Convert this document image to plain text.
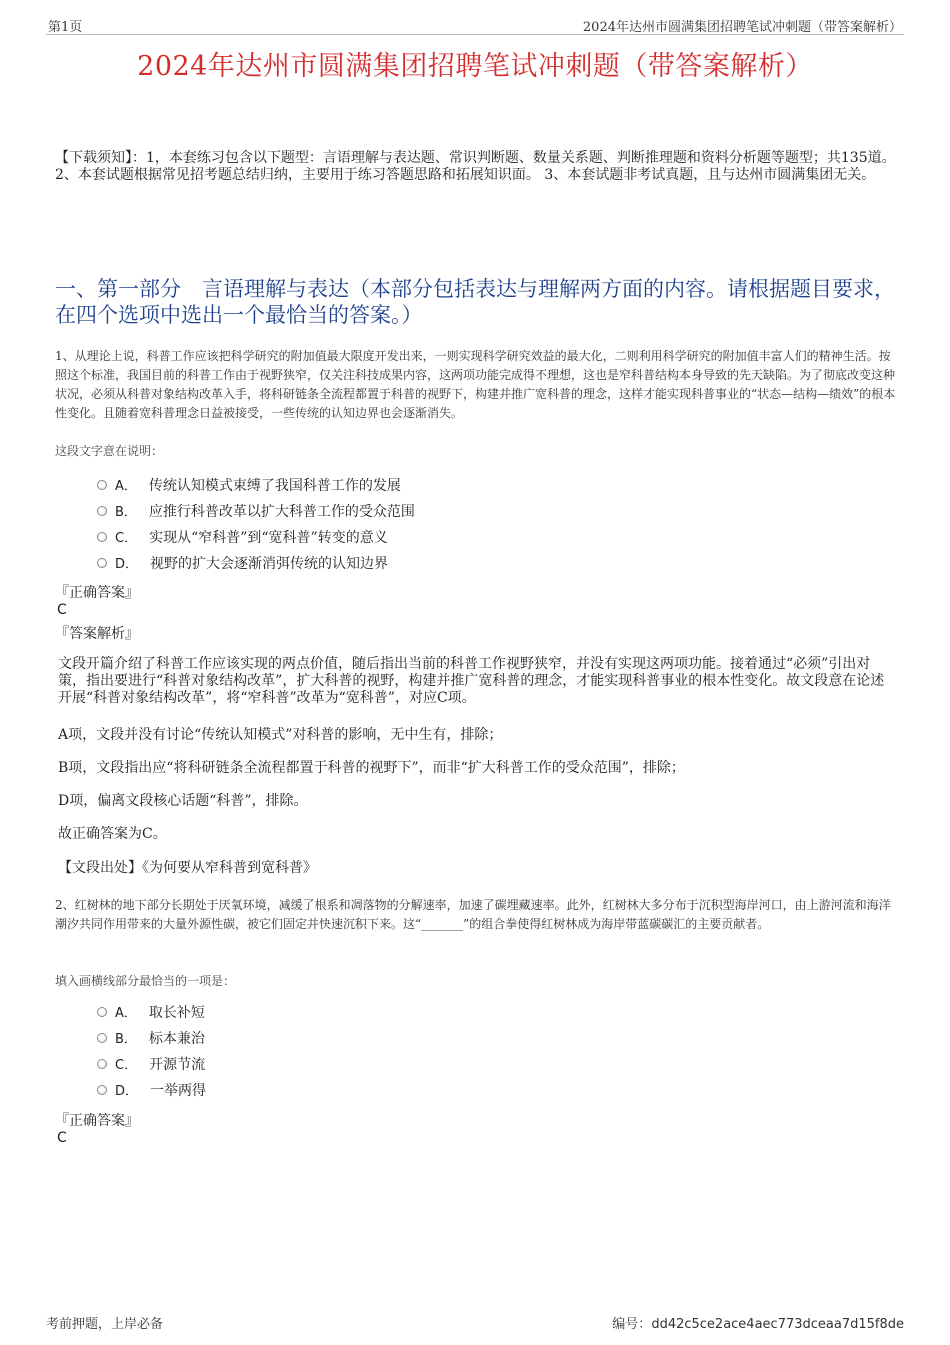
第1页	2024年达州市圆满集团招聘笔试冲刺题（带答案解析）
2024年达州市圆满集团招聘笔试冲刺题（带答案解析）
【下载须知】：1，本套练习包含以下题型：言语理解与表达题、常识判断题、数量关系题、判断推理题和资料分析题等题型；共135道。 2、本套试题根据常见招考题总结归纳，主要用于练习答题思路和拓展知识面。 3、本套试题非考试真题，且与达州市圆满集团无关。
一、第一部分　言语理解与表达（本部分包括表达与理解两方面的内容。请根据题目要求，在四个选项中选出一个最恰当的答案。）
1、从理论上说，科普工作应该把科学研究的附加值最大限度开发出来，一则实现科学研究效益的最大化，二则利用科学研究的附加值丰富人们的精神生活。按照这个标准，我国目前的科普工作由于视野狭窄，仅关注科技成果内容，这两项功能完成得不理想，这也是窄科普结构本身导致的先天缺陷。为了彻底改变这种状况，必须从科普对象结构改革入手，将科研链条全流程都置于科普的视野下，构建并推广宽科普的理念，这样才能实现科普事业的“状态—结构—绩效”的根本性变化。且随着宽科普理念日益被接受，一些传统的认知边界也会逐渐消失。
这段文字意在说明：
A． 传统认知模式束缚了我国科普工作的发展
B． 应推行科普改革以扩大科普工作的受众范围
C． 实现从“窄科普”到“宽科普”转变的意义
D． 视野的扩大会逐渐消弭传统的认知边界
『正确答案』
C
『答案解析』
文段开篇介绍了科普工作应该实现的两点价值，随后指出当前的科普工作视野狭窄，并没有实现这两项功能。接着通过“必须”引出对策，指出要进行“科普对象结构改革”，扩大科普的视野，构建并推广宽科普的理念，才能实现科普事业的根本性变化。故文段意在论述开展“科普对象结构改革”，将“窄科普”改革为“宽科普”，对应C项。
A项，文段并没有讨论“传统认知模式”对科普的影响，无中生有，排除；
B项，文段指出应“将科研链条全流程都置于科普的视野下”，而非“扩大科普工作的受众范围”，排除；
D项，偏离文段核心话题“科普”，排除。
故正确答案为C。
【文段出处】《为何要从窄科普到宽科普》
2、红树林的地下部分长期处于厌氧环境，减缓了根系和凋落物的分解速率，加速了碳埋藏速率。此外，红树林大多分布于沉积型海岸河口，由上游河流和海洋潮汐共同作用带来的大量外源性碳，被它们固定并快速沉积下来。这“_______”的组合拳使得红树林成为海岸带蓝碳碳汇的主要贡献者。
填入画横线部分最恰当的一项是：
A． 取长补短
B． 标本兼治
C． 开源节流
D． 一举两得
『正确答案』
C
考前押题，上岸必备	编号：dd42c5ce2ace4aec773dceaa7d15f8de
